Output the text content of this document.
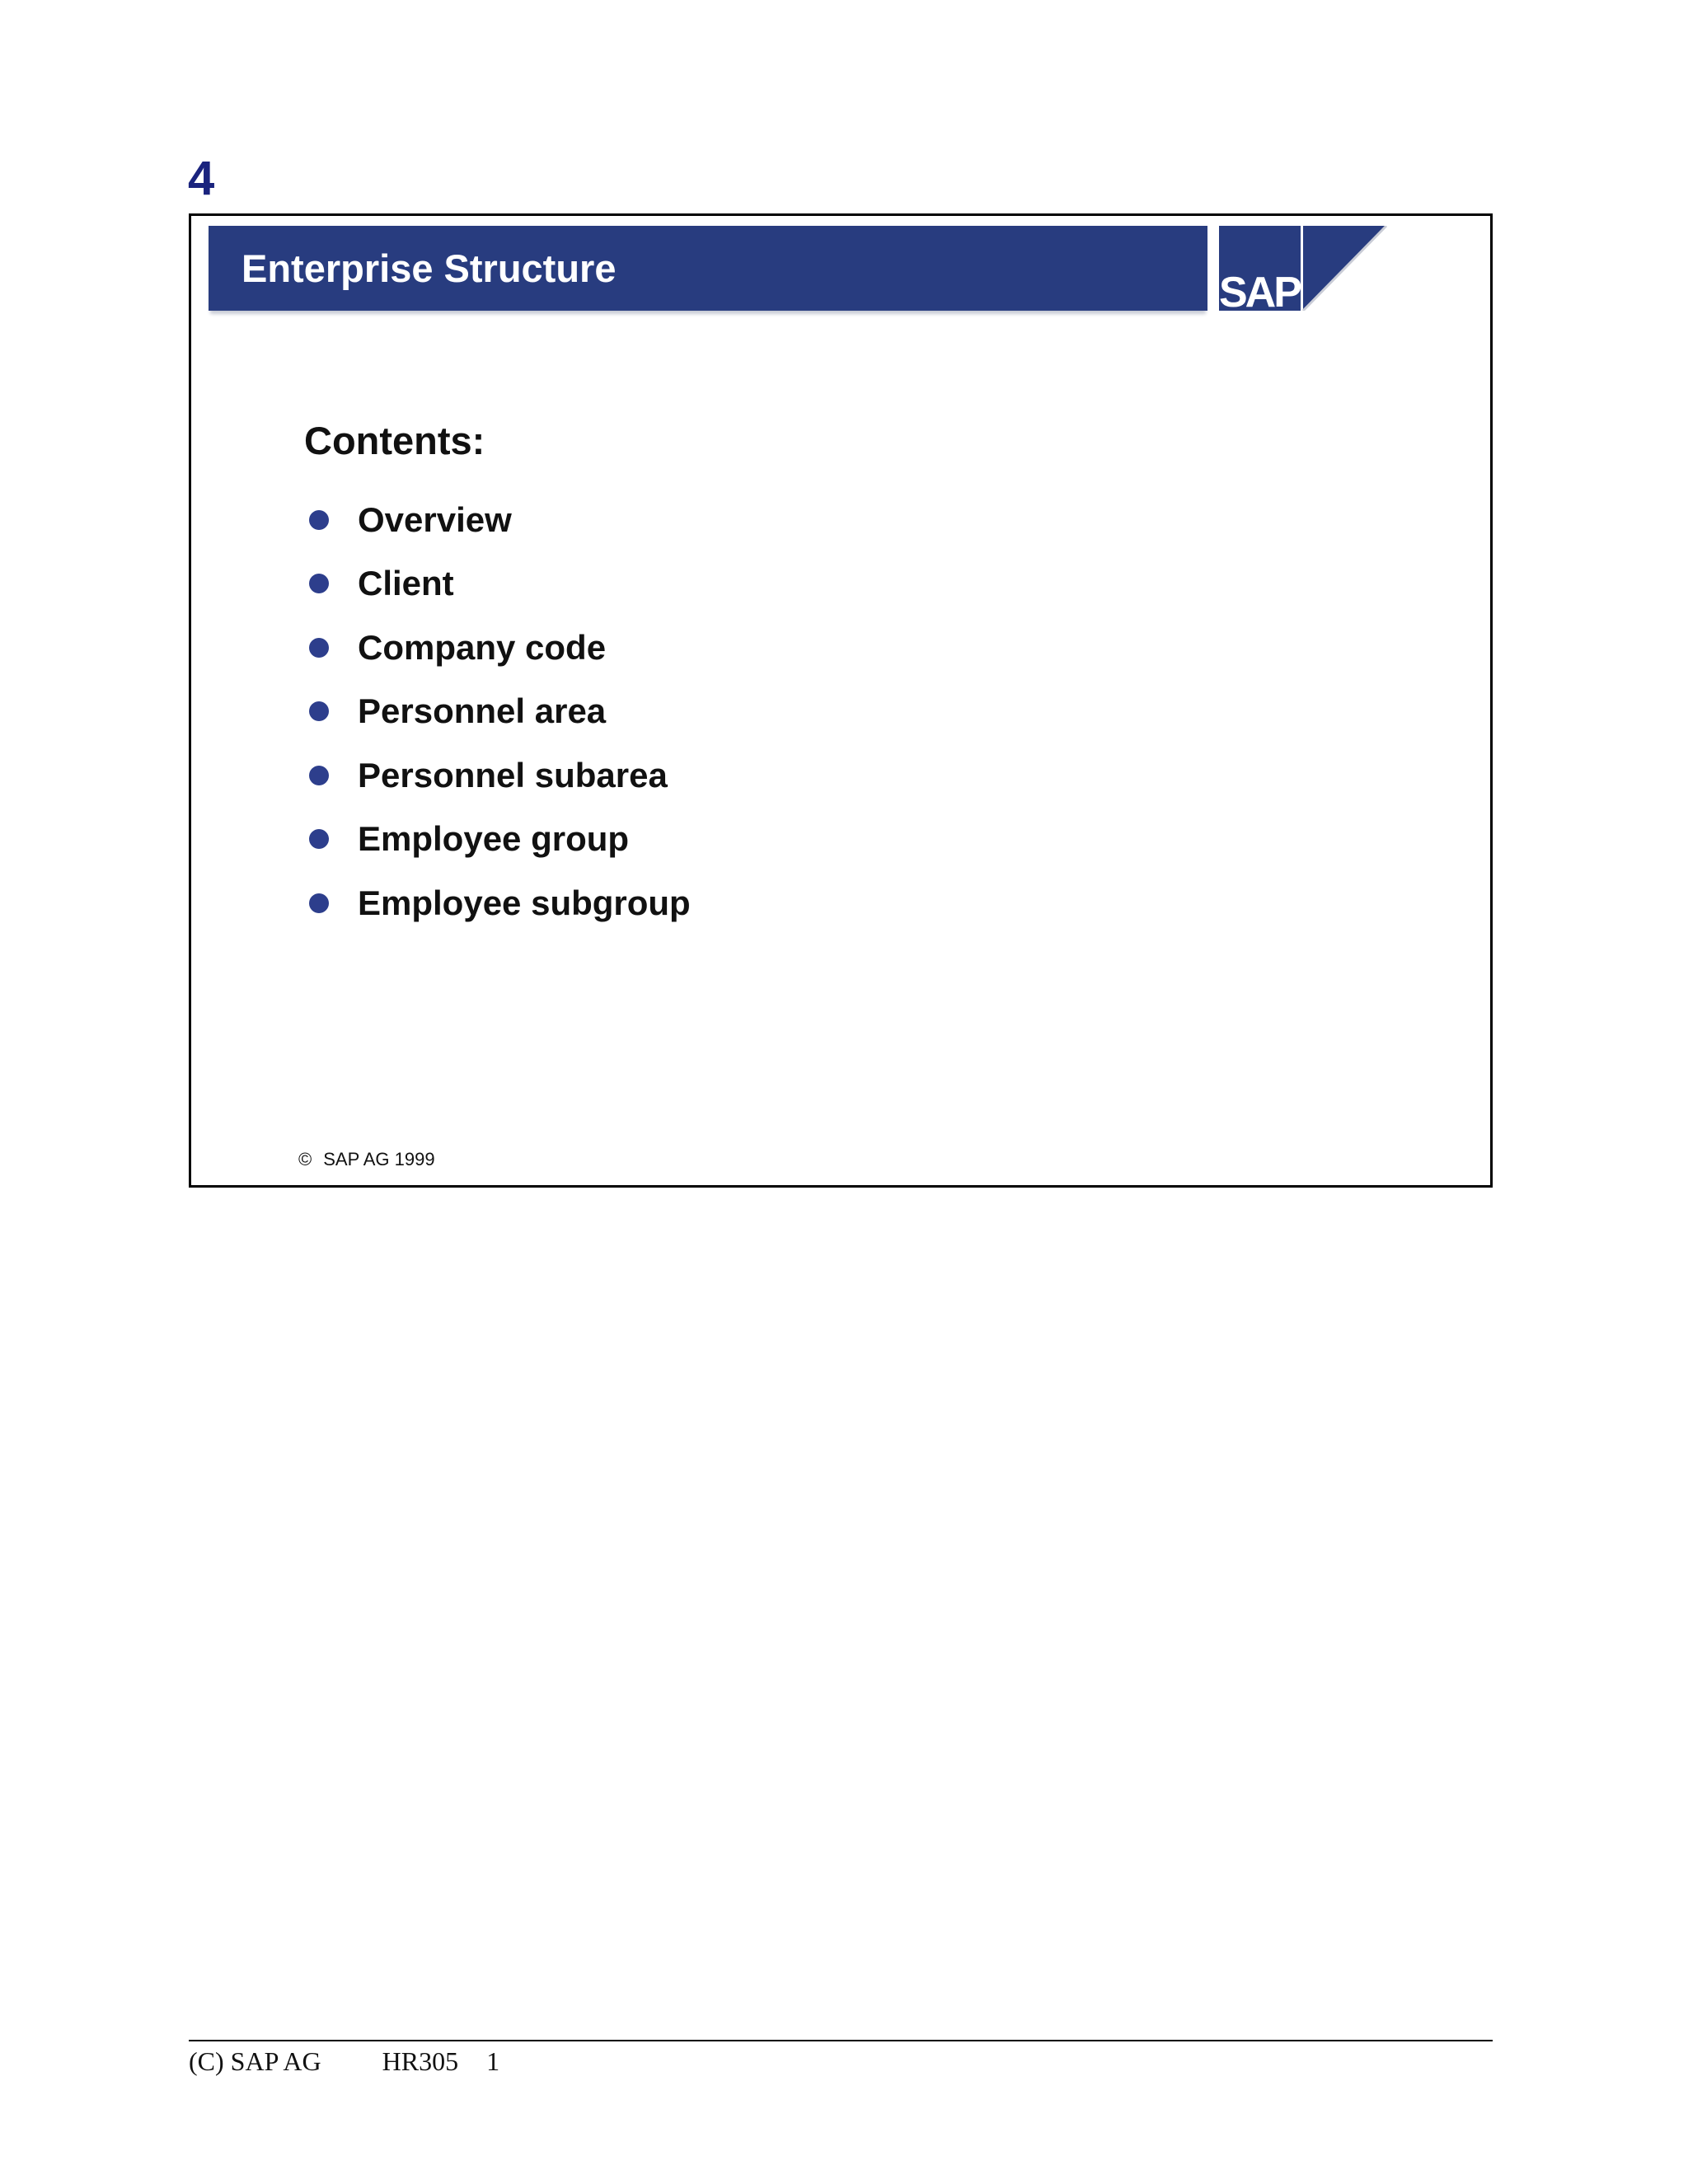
4
Enterprise Structure
SAP
Contents:
Overview
Client
Company code
Personnel area
Personnel subarea
Employee group
Employee subgroup
© SAP AG 1999
(C) SAP AG HR305 1
